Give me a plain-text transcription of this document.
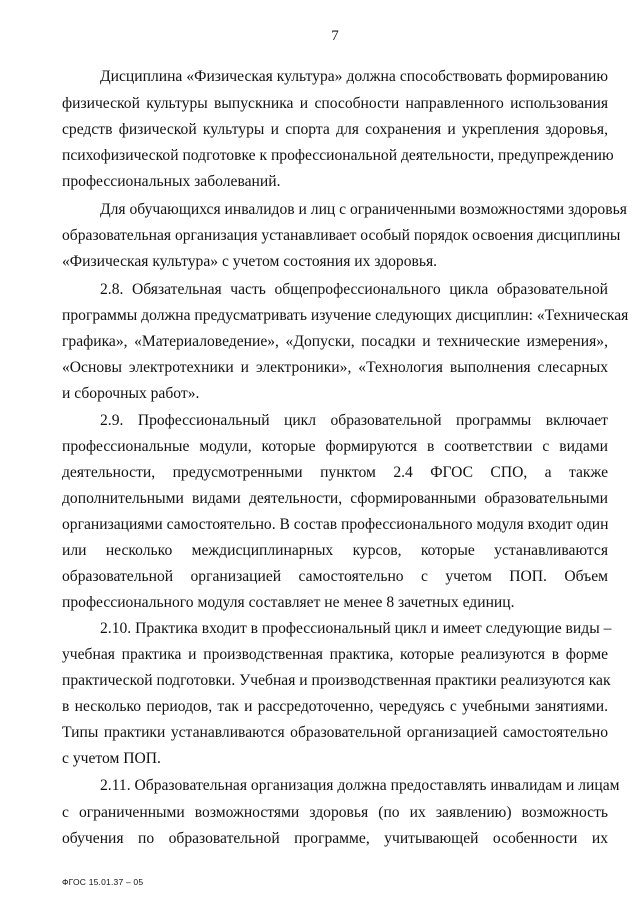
7
Дисциплина «Физическая культура» должна способствовать формированию
физической культуры выпускника и способности направленного использования
средств физической культуры и спорта для сохранения и укрепления здоровья,
психофизической подготовке к профессиональной деятельности, предупреждению
профессиональных заболеваний.
Для обучающихся инвалидов и лиц с ограниченными возможностями здоровья
образовательная организация устанавливает особый порядок освоения дисциплины
«Физическая культура» с учетом состояния их здоровья.
2.8. Обязательная часть общепрофессионального цикла образовательной
программы должна предусматривать изучение следующих дисциплин: «Техническая
графика», «Материаловедение», «Допуски, посадки и технические измерения»,
«Основы электротехники и электроники», «Технология выполнения слесарных
и сборочных работ».
2.9. Профессиональный цикл образовательной программы включает
профессиональные модули, которые формируются в соответствии с видами
деятельности, предусмотренными пунктом 2.4 ФГОС СПО, а также
дополнительными видами деятельности, сформированными образовательными
организациями самостоятельно. В состав профессионального модуля входит один
или несколько междисциплинарных курсов, которые устанавливаются
образовательной организацией самостоятельно с учетом ПОП. Объем
профессионального модуля составляет не менее 8 зачетных единиц.
2.10. Практика входит в профессиональный цикл и имеет следующие виды –
учебная практика и производственная практика, которые реализуются в форме
практической подготовки. Учебная и производственная практики реализуются как
в несколько периодов, так и рассредоточенно, чередуясь с учебными занятиями.
Типы практики устанавливаются образовательной организацией самостоятельно
с учетом ПОП.
2.11. Образовательная организация должна предоставлять инвалидам и лицам
с ограниченными возможностями здоровья (по их заявлению) возможность
обучения по образовательной программе, учитывающей особенности их
ФГОС 15.01.37 – 05
